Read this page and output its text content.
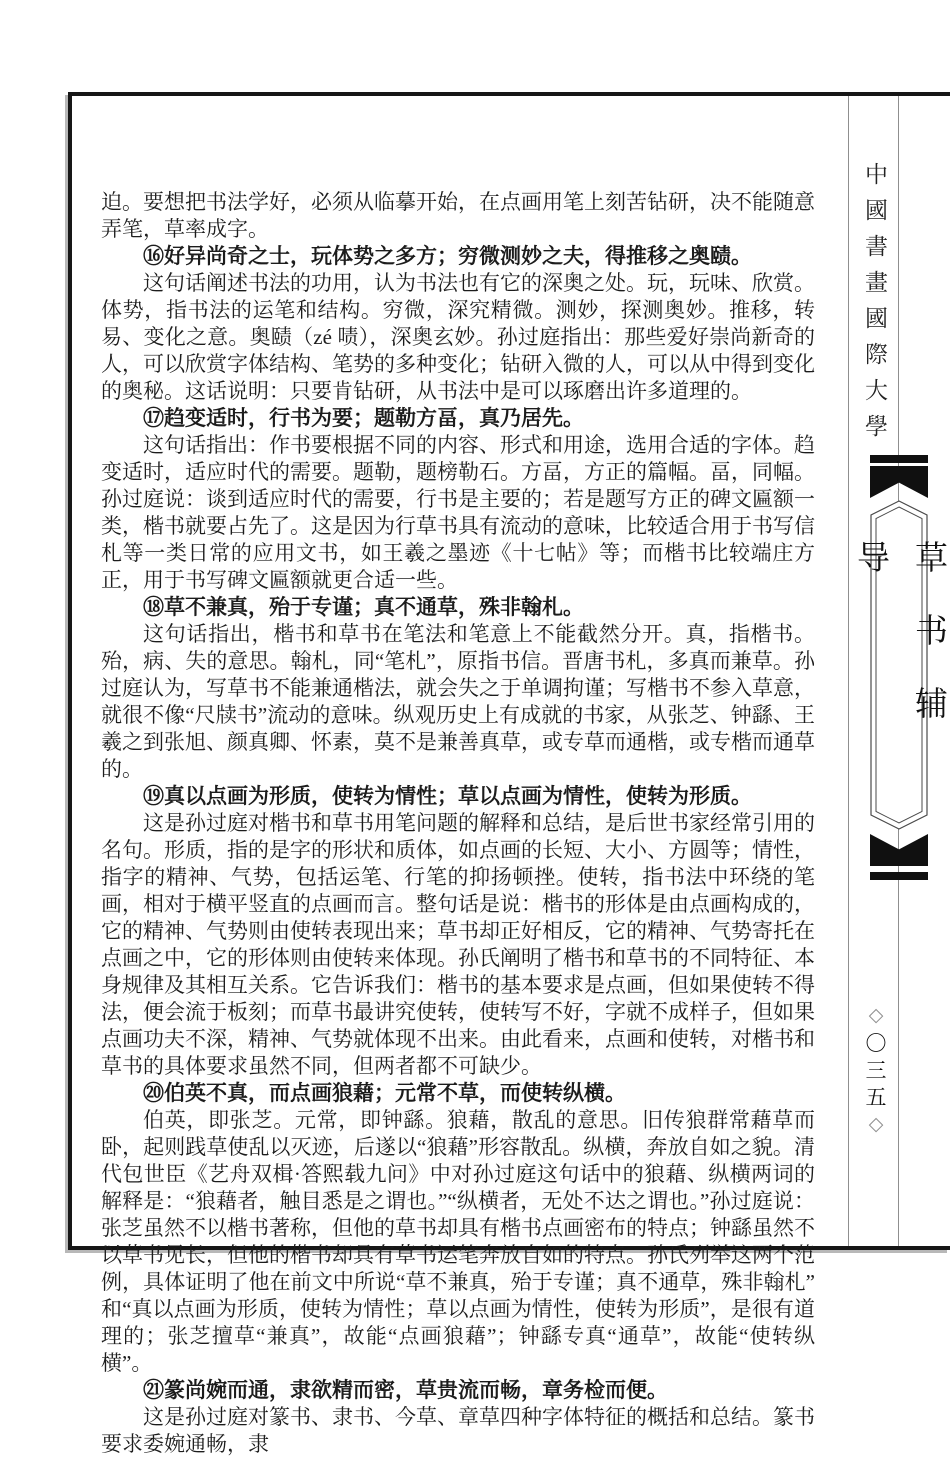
迫。要想把书法学好，必须从临摹开始，在点画用笔上刻苦钻研，决不能随意弄笔，草率成字。

⑯好异尚奇之士，玩体势之多方；穷微测妙之夫，得推移之奥赜。

这句话阐述书法的功用，认为书法也有它的深奥之处。玩，玩味、欣赏。体势，指书法的运笔和结构。穷微，深究精微。测妙，探测奥妙。推移，转易、变化之意。奥赜（zé 啧），深奥玄妙。孙过庭指出：那些爱好崇尚新奇的人，可以欣赏字体结构、笔势的多种变化；钻研入微的人，可以从中得到变化的奥秘。这话说明：只要肯钻研，从书法中是可以琢磨出许多道理的。

⑰趋变适时，行书为要；题勒方畐，真乃居先。

这句话指出：作书要根据不同的内容、形式和用途，选用合适的字体。趋变适时，适应时代的需要。题勒，题榜勒石。方畐，方正的篇幅。畐，同幅。孙过庭说：谈到适应时代的需要，行书是主要的；若是题写方正的碑文匾额一类，楷书就要占先了。这是因为行草书具有流动的意味，比较适合用于书写信札等一类日常的应用文书，如王羲之墨迹《十七帖》等；而楷书比较端庄方正，用于书写碑文匾额就更合适一些。

⑱草不兼真，殆于专谨；真不通草，殊非翰札。

这句话指出，楷书和草书在笔法和笔意上不能截然分开。真，指楷书。殆，病、失的意思。翰札，同“笔札”，原指书信。晋唐书札，多真而兼草。孙过庭认为，写草书不能兼通楷法，就会失之于单调拘谨；写楷书不参入草意，就很不像“尺牍书”流动的意味。纵观历史上有成就的书家，从张芝、钟繇、王羲之到张旭、颜真卿、怀素，莫不是兼善真草，或专草而通楷，或专楷而通草的。

⑲真以点画为形质，使转为情性；草以点画为情性，使转为形质。

这是孙过庭对楷书和草书用笔问题的解释和总结，是后世书家经常引用的名句。形质，指的是字的形状和质体，如点画的长短、大小、方圆等；情性，指字的精神、气势，包括运笔、行笔的抑扬顿挫。使转，指书法中环绕的笔画，相对于横平竖直的点画而言。整句话是说：楷书的形体是由点画构成的，它的精神、气势则由使转表现出来；草书却正好相反，它的精神、气势寄托在点画之中，它的形体则由使转来体现。孙氏阐明了楷书和草书的不同特征、本身规律及其相互关系。它告诉我们：楷书的基本要求是点画，但如果使转不得法，便会流于板刻；而草书最讲究使转，使转写不好，字就不成样子，但如果点画功夫不深，精神、气势就体现不出来。由此看来，点画和使转，对楷书和草书的具体要求虽然不同，但两者都不可缺少。

⑳伯英不真，而点画狼藉；元常不草，而使转纵横。

伯英，即张芝。元常，即钟繇。狼藉，散乱的意思。旧传狼群常藉草而卧，起则践草使乱以灭迹，后遂以“狼藉”形容散乱。纵横，奔放自如之貌。清代包世臣《艺舟双楫·答熙载九问》中对孙过庭这句话中的狼藉、纵横两词的解释是：“狼藉者，触目悉是之谓也。”“纵横者，无处不达之谓也。”孙过庭说：张芝虽然不以楷书著称，但他的草书却具有楷书点画密布的特点；钟繇虽然不以草书见长，但他的楷书却具有草书运笔奔放自如的特点。孙氏列举这两个范例，具体证明了他在前文中所说“草不兼真，殆于专谨；真不通草，殊非翰札”和“真以点画为形质，使转为情性；草以点画为情性，使转为形质”，是很有道理的；张芝擅草“兼真”，故能“点画狼藉”；钟繇专真“通草”，故能“使转纵横”。

㉑篆尚婉而通，隶欲精而密，草贵流而畅，章务检而便。

这是孙过庭对篆书、隶书、今草、章草四种字体特征的概括和总结。篆书要求委婉通畅，隶

中國書畫國際大學
草书辅导
◇〇三五◇
